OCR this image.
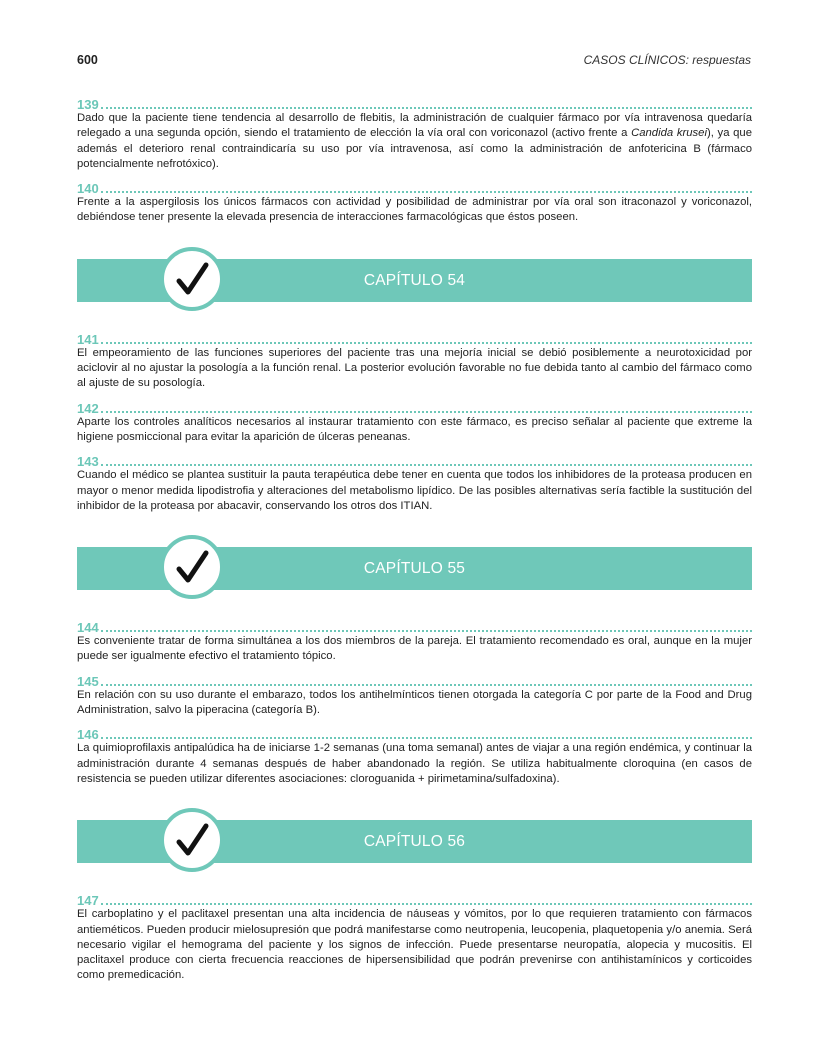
600	CASOS CLÍNICOS: respuestas
139

Dado que la paciente tiene tendencia al desarrollo de flebitis, la administración de cualquier fármaco por vía intravenosa quedaría relegado a una segunda opción, siendo el tratamiento de elección la vía oral con voriconazol (activo frente a Candida krusei), ya que además el deterioro renal contraindicaría su uso por vía intravenosa, así como la administración de anfotericina B (fármaco potencialmente nefrotóxico).

140

Frente a la aspergilosis los únicos fármacos con actividad y posibilidad de administrar por vía oral son itraconazol y voriconazol, debiéndose tener presente la elevada presencia de interacciones farmacológicas que éstos poseen.

CAPÍTULO 54
141

El empeoramiento de las funciones superiores del paciente tras una mejoría inicial se debió posiblemente a neurotoxicidad por aciclovir al no ajustar la posología a la función renal. La posterior evolución favorable no fue debida tanto al cambio del fármaco como al ajuste de su posología.

142

Aparte los controles analíticos necesarios al instaurar tratamiento con este fármaco, es preciso señalar al paciente que extreme la higiene posmiccional para evitar la aparición de úlceras peneanas.

143

Cuando el médico se plantea sustituir la pauta terapéutica debe tener en cuenta que todos los inhibidores de la proteasa producen en mayor o menor medida lipodistrofia y alteraciones del metabolismo lipídico. De las posibles alternativas sería factible la sustitución del inhibidor de la proteasa por abacavir, conservando los otros dos ITIAN.

CAPÍTULO 55
144

Es conveniente tratar de forma simultánea a los dos miembros de la pareja. El tratamiento recomendado es oral, aunque en la mujer puede ser igualmente efectivo el tratamiento tópico.

145

En relación con su uso durante el embarazo, todos los antihelmínticos tienen otorgada la categoría C por parte de la Food and Drug Administration, salvo la piperacina (categoría B).

146

La quimioprofilaxis antipalúdica ha de iniciarse 1-2 semanas (una toma semanal) antes de viajar a una región endémica, y continuar la administración durante 4 semanas después de haber abandonado la región. Se utiliza habitualmente cloroquina (en casos de resistencia se pueden utilizar diferentes asociaciones: cloroguanida + pirimetamina/sulfadoxina).

CAPÍTULO 56
147

El carboplatino y el paclitaxel presentan una alta incidencia de náuseas y vómitos, por lo que requieren tratamiento con fármacos antieméticos. Pueden producir mielosupresión que podrá manifestarse como neutropenia, leucopenia, plaquetopenia y/o anemia. Será necesario vigilar el hemograma del paciente y los signos de infección. Puede presentarse neuropatía, alopecia y mucositis. El paclitaxel produce con cierta frecuencia reacciones de hipersensibilidad que podrán prevenirse con antihistamínicos y corticoides como premedicación.
